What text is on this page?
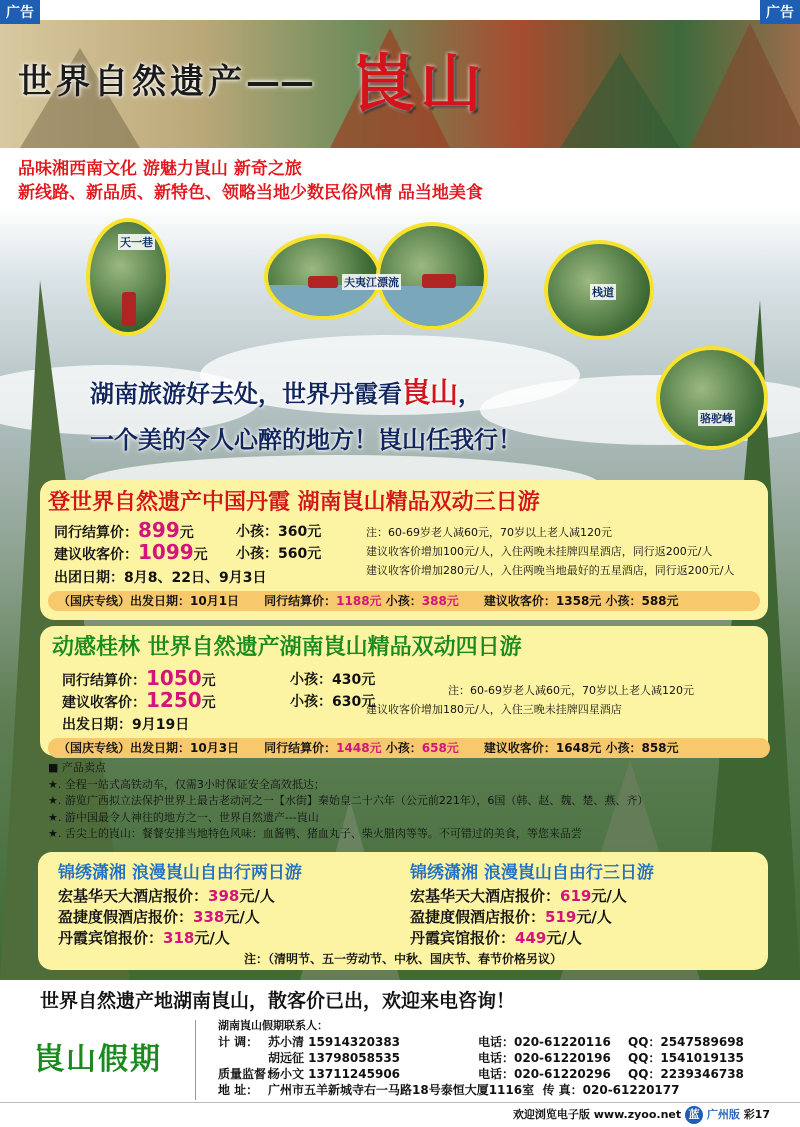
广告	广告
世界自然遗产—— 崀山
品味湘西南文化 游魅力崀山 新奇之旅
新线路、新品质、新特色、领略当地少数民俗风情 品当地美食
天一巷
夫夷江漂流
栈道
骆驼峰
湖南旅游好去处，世界丹霞看崀山，
一个美的令人心醉的地方！崀山任我行！
登世界自然遗产中国丹霞 湖南崀山精品双动三日游
同行结算价：899元	小孩：360元
建议收客价：1099元 小孩：560元
出团日期：8月8、22日、9月3日
注：60-69岁老人减60元，70岁以上老人减120元
建议收客价增加100元/人，入住两晚未挂牌四星酒店，同行返200元/人
建议收客价增加280元/人，入住两晚当地最好的五星酒店，同行返200元/人
（国庆专线）出发日期：10月1日 同行结算价：1188元 小孩：388元 建议收客价：1358元 小孩：588元
动感桂林 世界自然遗产湖南崀山精品双动四日游
同行结算价：1050元	小孩：430元
建议收客价：1250元	小孩：630元
出发日期：9月19日
注：60-69岁老人减60元，70岁以上老人减120元
建议收客价增加180元/人，入住三晚未挂牌四星酒店
（国庆专线）出发日期：10月3日 同行结算价：1448元 小孩：658元 建议收客价：1648元 小孩：858元
■ 产品卖点
★. 全程一站式高铁动车，仅需3小时保证安全高效抵达；
★. 游览广西拟立法保护世界上最古老动河之一【水街】秦始皇二十六年（公元前221年），6国（韩、赵、魏、楚、燕、齐）
★. 游中国最令人神往的地方之一、世界自然遗产---崀山
★. 舌尖上的崀山：餐餐安排当地特色风味：血酱鸭、猪血丸子、柴火腊肉等等。不可错过的美食，等您来品尝
锦绣潇湘 浪漫崀山自由行两日游
宏基华天大酒店报价：398元/人
盈捷度假酒店报价：338元/人
丹霞宾馆报价：318元/人
锦绣潇湘 浪漫崀山自由行三日游
宏基华天大酒店报价：619元/人
盈捷度假酒店报价：519元/人
丹霞宾馆报价：449元/人
注：（清明节、五一劳动节、中秋、国庆节、春节价格另议）
世界自然遗产地湖南崀山，散客价已出，欢迎来电咨询！
崀山假期
湖南崀山假期联系人：
计 调： 苏小清 15914320383	电话：020-61220116 QQ：2547589698
胡远征 13798058535	电话：020-61220196 QQ：1541019135
质量监督：杨小文 13711245906	电话：020-61220296 QQ：2239346738
地 址： 广州市五羊新城寺右一马路18号泰恒大厦1116室 传 真：020-61220177
欢迎浏览电子版 www.zyoo.net 蓝 广州版 彩17
